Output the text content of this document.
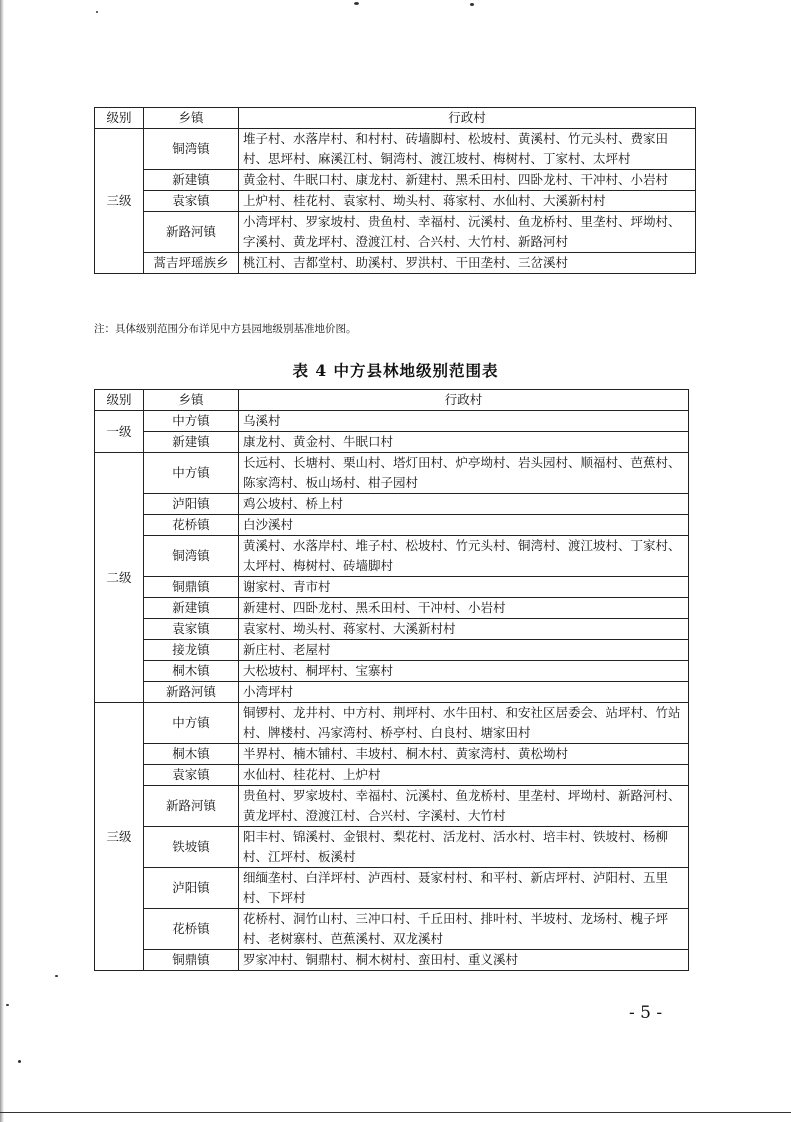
级别	乡镇	行政村
三级	铜湾镇	堆子村、水落岸村、和村村、砖墙脚村、松坡村、黄溪村、竹元头村、费家田村、思坪村、麻溪江村、铜湾村、渡江坡村、梅树村、丁家村、太坪村
	新建镇	黄金村、牛眠口村、康龙村、新建村、黑禾田村、四卧龙村、干冲村、小岩村
	袁家镇	上炉村、桂花村、袁家村、坳头村、蒋家村、水仙村、大溪新村村
	新路河镇	小湾坪村、罗家坡村、贵鱼村、幸福村、沅溪村、鱼龙桥村、里垄村、坪坳村、字溪村、黄龙坪村、澄渡江村、合兴村、大竹村、新路河村
	蒿吉坪瑶族乡	桃江村、吉都堂村、助溪村、罗洪村、干田垄村、三岔溪村
注：具体级别范围分布详见中方县园地级别基准地价图。
表 4 中方县林地级别范围表
级别	乡镇	行政村
一级	中方镇	乌溪村
	新建镇	康龙村、黄金村、牛眠口村
二级	中方镇	长远村、长塘村、栗山村、塔灯田村、炉亭坳村、岩头园村、顺福村、芭蕉村、陈家湾村、板山场村、柑子园村
	泸阳镇	鸡公坡村、桥上村
	花桥镇	白沙溪村
	铜湾镇	黄溪村、水落岸村、堆子村、松坡村、竹元头村、铜湾村、渡江坡村、丁家村、太坪村、梅树村、砖墙脚村
	铜鼎镇	谢家村、青市村
	新建镇	新建村、四卧龙村、黑禾田村、干冲村、小岩村
	袁家镇	袁家村、坳头村、蒋家村、大溪新村村
	接龙镇	新庄村、老屋村
	桐木镇	大松坡村、桐坪村、宝寨村
	新路河镇	小湾坪村
三级	中方镇	铜锣村、龙井村、中方村、荆坪村、水牛田村、和安社区居委会、站坪村、竹站村、牌楼村、冯家湾村、桥亭村、白良村、塘家田村
	桐木镇	半界村、楠木铺村、丰坡村、桐木村、黄家湾村、黄松坳村
	袁家镇	水仙村、桂花村、上炉村
	新路河镇	贵鱼村、罗家坡村、幸福村、沅溪村、鱼龙桥村、里垄村、坪坳村、新路河村、黄龙坪村、澄渡江村、合兴村、字溪村、大竹村
	铁坡镇	阳丰村、锦溪村、金银村、梨花村、活龙村、活水村、培丰村、铁坡村、杨柳村、江坪村、板溪村
	泸阳镇	细缅垄村、白洋坪村、泸西村、聂家村村、和平村、新店坪村、泸阳村、五里村、下坪村
	花桥镇	花桥村、洞竹山村、三冲口村、千丘田村、排叶村、半坡村、龙场村、槐子坪村、老树寨村、芭蕉溪村、双龙溪村
	铜鼎镇	罗家冲村、铜鼎村、桐木树村、蛮田村、重义溪村
- 5 -
